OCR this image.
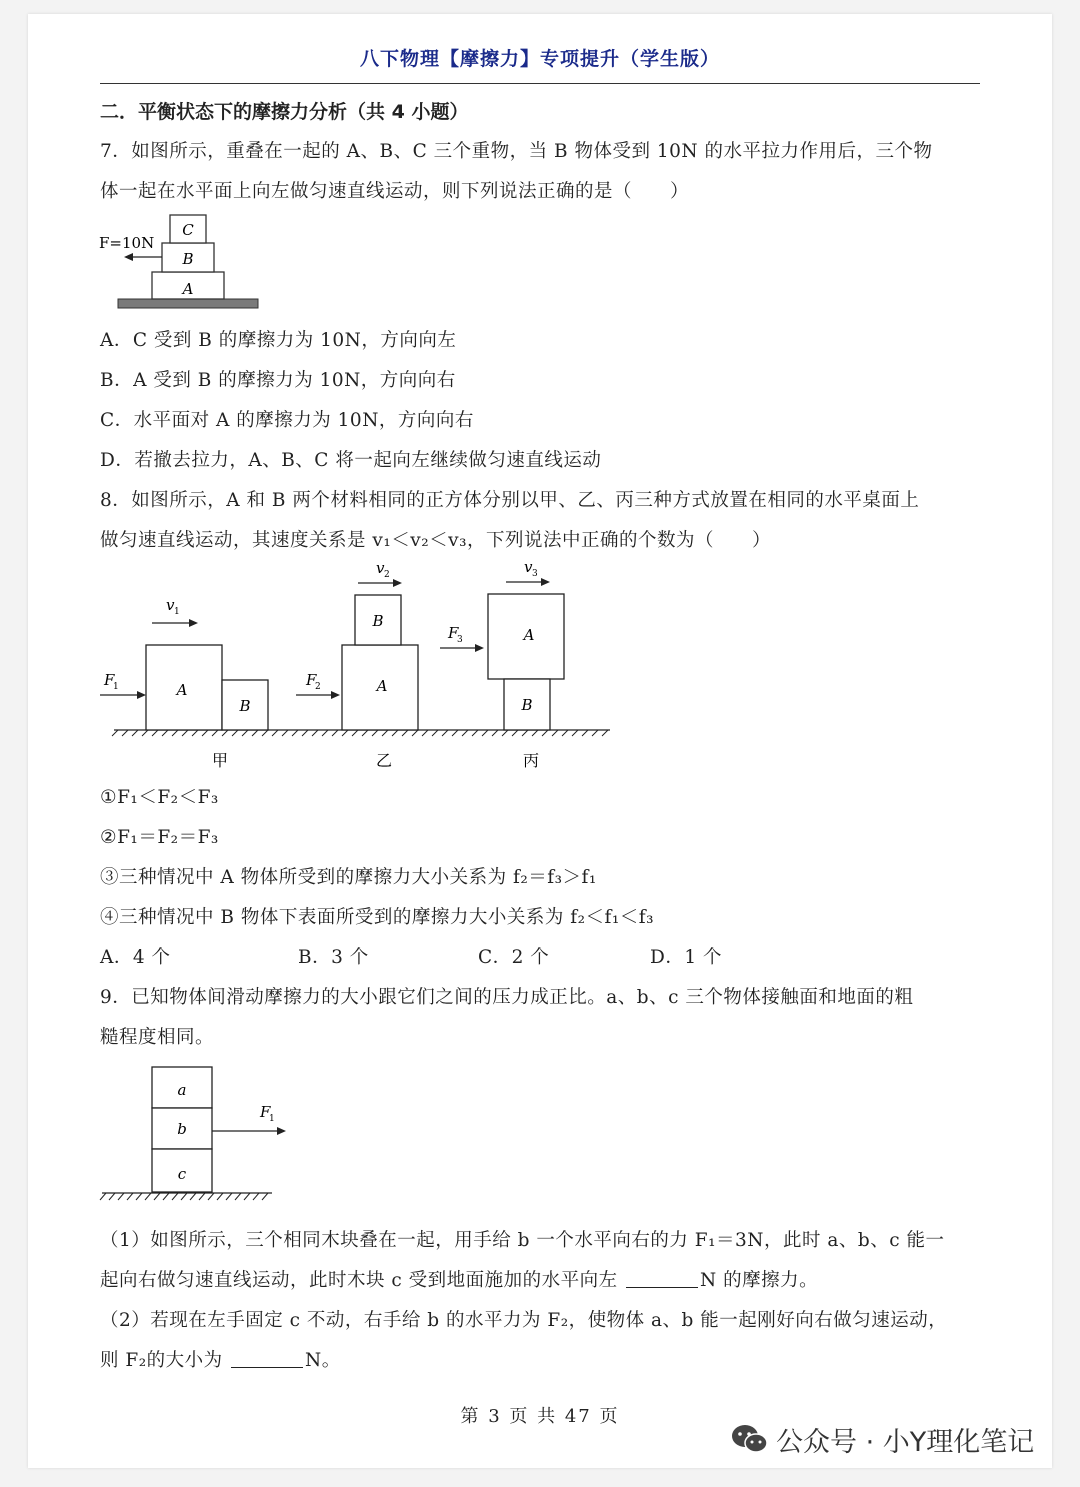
八下物理【摩擦力】专项提升（学生版）
二．平衡状态下的摩擦力分析（共 4 小题）
7．如图所示，重叠在一起的 A、B、C 三个重物，当 B 物体受到 10N 的水平拉力作用后，三个物
体一起在水平面上向左做匀速直线运动，则下列说法正确的是（　　）
C
B
A
F=10N
A．C 受到 B 的摩擦力为 10N，方向向左
B．A 受到 B 的摩擦力为 10N，方向向右
C．水平面对 A 的摩擦力为 10N，方向向右
D．若撤去拉力，A、B、C 将一起向左继续做匀速直线运动
8．如图所示，A 和 B 两个材料相同的正方体分别以甲、乙、丙三种方式放置在相同的水平桌面上
做匀速直线运动，其速度关系是 v₁＜v₂＜v₃，下列说法中正确的个数为（　　）
A
B
F
1
v 1
甲
A
B
F
2
v 2
乙
A
B
F
3
v 3
丙
①F₁＜F₂＜F₃
②F₁＝F₂＝F₃
③三种情况中 A 物体所受到的摩擦力大小关系为 f₂＝f₃＞f₁
④三种情况中 B 物体下表面所受到的摩擦力大小关系为 f₂＜f₁＜f₃
A．4 个	B．3 个	C．2 个	D．1 个
9．已知物体间滑动摩擦力的大小跟它们之间的压力成正比。a、b、c 三个物体接触面和地面的粗
糙程度相同。
a
b
c
F
1
（1）如图所示，三个相同木块叠在一起，用手给 b 一个水平向右的力 F₁＝3N，此时 a、b、c 能一
起向右做匀速直线运动，此时木块 c 受到地面施加的水平向左	N 的摩擦力。
（2）若现在左手固定 c 不动，右手给 b 的水平力为 F₂，使物体 a、b 能一起刚好向右做匀速运动，
则 F₂的大小为	N。
第 3 页 共 47 页
公众号 · 小Y理化笔记
